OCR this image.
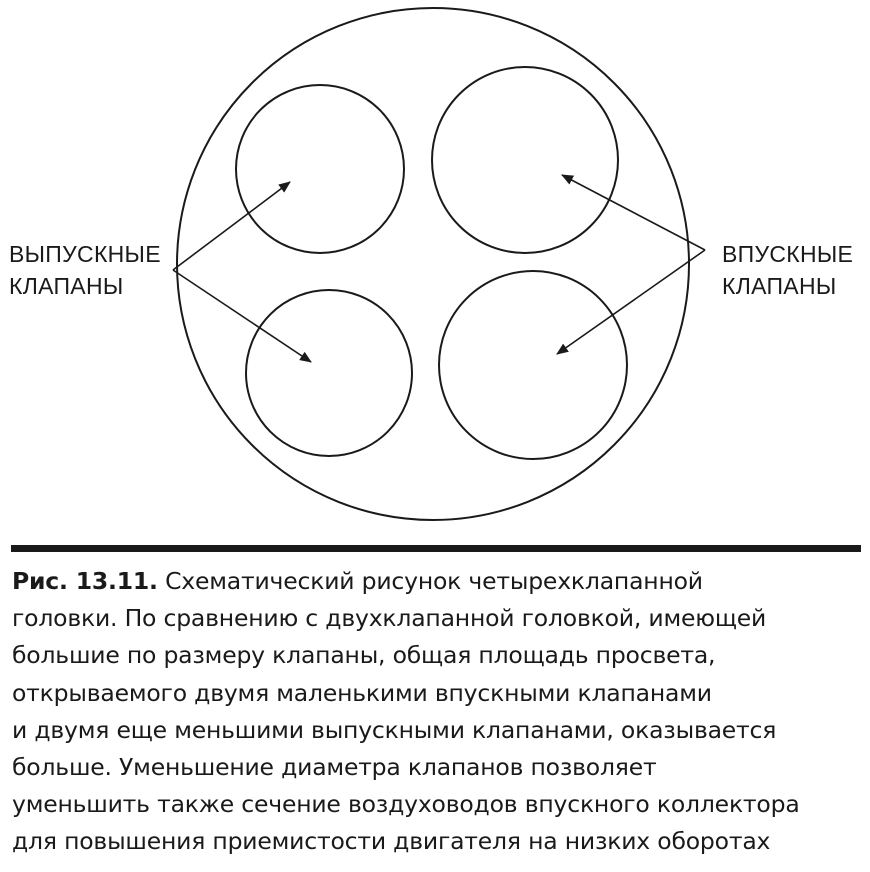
ВЫПУСКНЫЕ
КЛАПАНЫ
ВПУСКНЫЕ
КЛАПАНЫ
Рис. 13.11. Схематический рисунок четырехклапанной
головки. По сравнению с двухклапанной головкой, имеющей
большие по размеру клапаны, общая площадь просвета,
открываемого двумя маленькими впускными клапанами
и двумя еще меньшими выпускными клапанами, оказывается
больше. Уменьшение диаметра клапанов позволяет
уменьшить также сечение воздуховодов впускного коллектора
для повышения приемистости двигателя на низких оборотах
